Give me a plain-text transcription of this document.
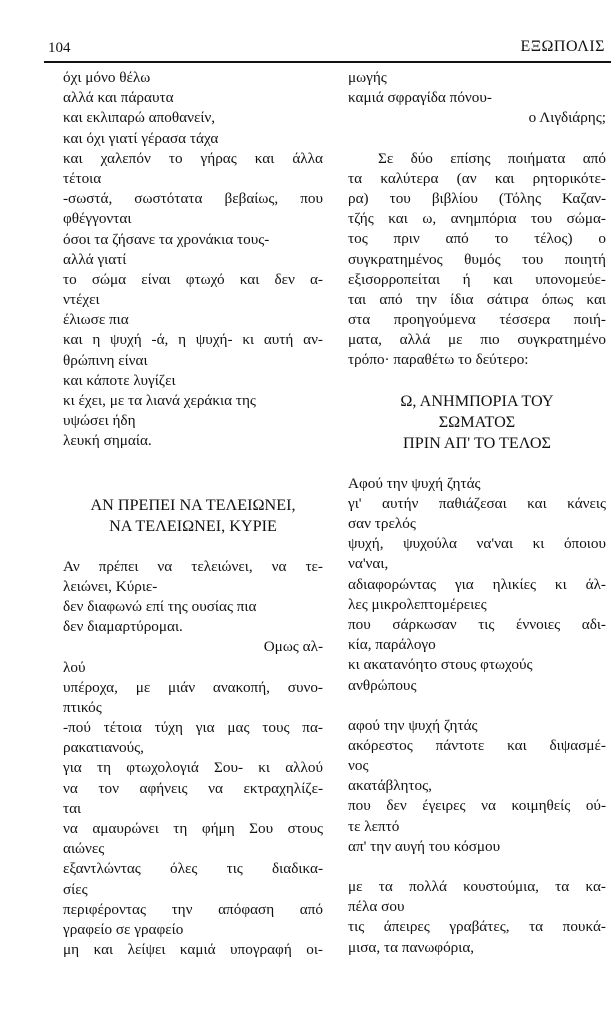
104	ΕΞΩΠΟΛΙΣ
όχι μόνο θέλω
αλλά και πάραυτα
και εκλιπαρώ αποθανείν,
και όχι γιατί γέρασα τάχα
και χαλεπόν το γήρας και άλλα
τέτοια
-σωστά, σωστότατα βεβαίως, που
φθέγγονται
όσοι τα ζήσανε τα χρονάκια τους-
αλλά γιατί
το σώμα είναι φτωχό και δεν α-
ντέχει
έλιωσε πια
και η ψυχή -ά, η ψυχή- κι αυτή αν-
θρώπινη είναι
και κάποτε λυγίζει
κι έχει, με τα λιανά χεράκια της
υψώσει ήδη
λευκή σημαία.
ΑΝ ΠΡΕΠΕΙ ΝΑ ΤΕΛΕΙΩΝΕΙ,
ΝΑ ΤΕΛΕΙΩΝΕΙ, ΚΥΡΙΕ
Αν πρέπει να τελειώνει, να τε-
λειώνει, Κύριε-
δεν διαφωνώ επί της ουσίας πια
δεν διαμαρτύρομαι.
Ομως αλ-
λού
υπέροχα, με μιάν ανακοπή, συνο-
πτικός
-πού τέτοια τύχη για μας τους πα-
ρακατιανούς,
για τη φτωχολογιά Σου- κι αλλού
να τον αφήνεις να εκτραχηλίζε-
ται
να αμαυρώνει τη φήμη Σου στους
αιώνες
εξαντλώντας όλες τις διαδικα-
σίες
περιφέροντας την απόφαση από
γραφείο σε γραφείο
μη και λείψει καμιά υπογραφή οι-
μωγής
καμιά σφραγίδα πόνου-
ο Λιγδιάρης;
Σε δύο επίσης ποιήματα από
τα καλύτερα (αν και ρητορικότε-
ρα) του βιβλίου (Τόλης Καζαν-
τζής και ω, ανημπόρια του σώμα-
τος πριν από το τέλος) ο
συγκρατημένος θυμός του ποιητή
εξισορροπείται ή και υπονομεύε-
ται από την ίδια σάτιρα όπως και
στα προηγούμενα τέσσερα ποιή-
ματα, αλλά με πιο συγκρατημένο
τρόπο· παραθέτω το δεύτερο:
Ω, ΑΝΗΜΠΟΡΙΑ ΤΟΥ
ΣΩΜΑΤΟΣ
ΠΡΙΝ ΑΠ' ΤΟ ΤΕΛΟΣ
Αφού την ψυχή ζητάς
γι' αυτήν παθιάζεσαι και κάνεις
σαν τρελός
ψυχή, ψυχούλα να'ναι κι όποιου
να'ναι,
αδιαφορώντας για ηλικίες κι άλ-
λες μικρολεπτομέρειες
που σάρκωσαν τις έννοιες αδι-
κία, παράλογο
κι ακατανόητο στους φτωχούς
ανθρώπους
αφού την ψυχή ζητάς
ακόρεστος πάντοτε και διψασμέ-
νος
ακατάβλητος,
που δεν έγειρες να κοιμηθείς ού-
τε λεπτό
απ' την αυγή του κόσμου
με τα πολλά κουστούμια, τα κα-
πέλα σου
τις άπειρες γραβάτες, τα πουκά-
μισα, τα πανωφόρια,
